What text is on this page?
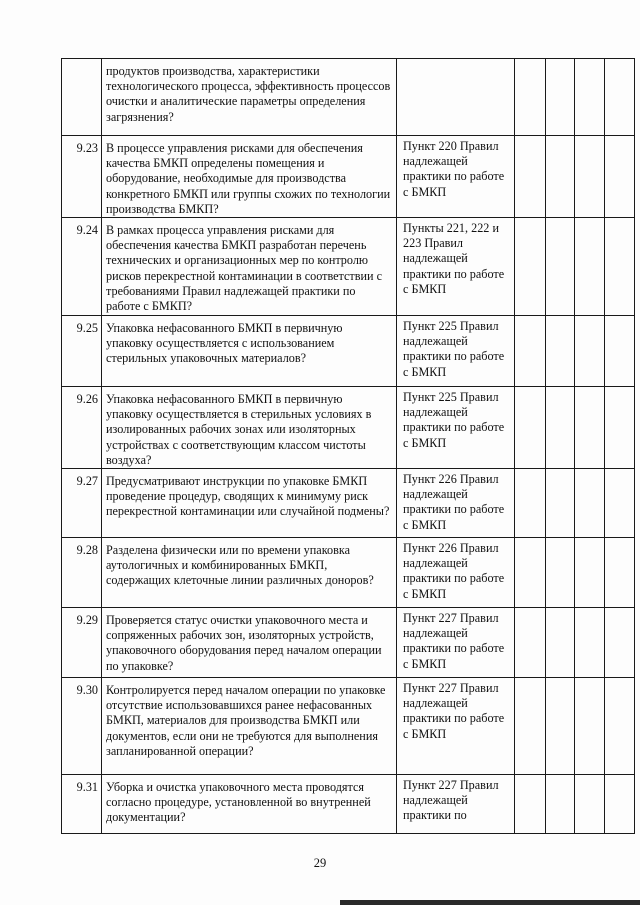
	продуктов производства, характеристики технологического процесса, эффективность процессов очистки и аналитические параметры определения загрязнения?					
9.23	В процессе управления рисками для обеспечения качества БМКП определены помещения и оборудование, необходимые для производства конкретного БМКП или группы схожих по технологии производства БМКП?	Пункт 220 Правил надлежащей практики по работе с БМКП				
9.24	В рамках процесса управления рисками для обеспечения качества БМКП разработан перечень технических и организационных мер по контролю рисков перекрестной контаминации в соответствии с требованиями Правил надлежащей практики по работе с БМКП?	Пункты 221, 222 и 223 Правил надлежащей практики по работе с БМКП				
9.25	Упаковка нефасованного БМКП в первичную упаковку осуществляется с использованием стерильных упаковочных материалов?	Пункт 225 Правил надлежащей практики по работе с БМКП				
9.26	Упаковка нефасованного БМКП в первичную упаковку осуществляется в стерильных условиях в изолированных рабочих зонах или изоляторных устройствах с соответствующим классом чистоты воздуха?	Пункт 225 Правил надлежащей практики по работе с БМКП				
9.27	Предусматривают инструкции по упаковке БМКП проведение процедур, сводящих к минимуму риск перекрестной контаминации или случайной подмены?	Пункт 226 Правил надлежащей практики по работе с БМКП				
9.28	Разделена физически или по времени упаковка аутологичных и комбинированных БМКП, содержащих клеточные линии различных доноров?	Пункт 226 Правил надлежащей практики по работе с БМКП				
9.29	Проверяется статус очистки упаковочного места и сопряженных рабочих зон, изоляторных устройств, упаковочного оборудования перед началом операции по упаковке?	Пункт 227 Правил надлежащей практики по работе с БМКП				
9.30	Контролируется перед началом операции по упаковке отсутствие использовавшихся ранее нефасованных БМКП, материалов для производства БМКП или документов, если они не требуются для выполнения запланированной операции?	Пункт 227 Правил надлежащей практики по работе с БМКП				
9.31	Уборка и очистка упаковочного места проводятся согласно процедуре, установленной во внутренней документации?	Пункт 227 Правил надлежащей практики по				
29
